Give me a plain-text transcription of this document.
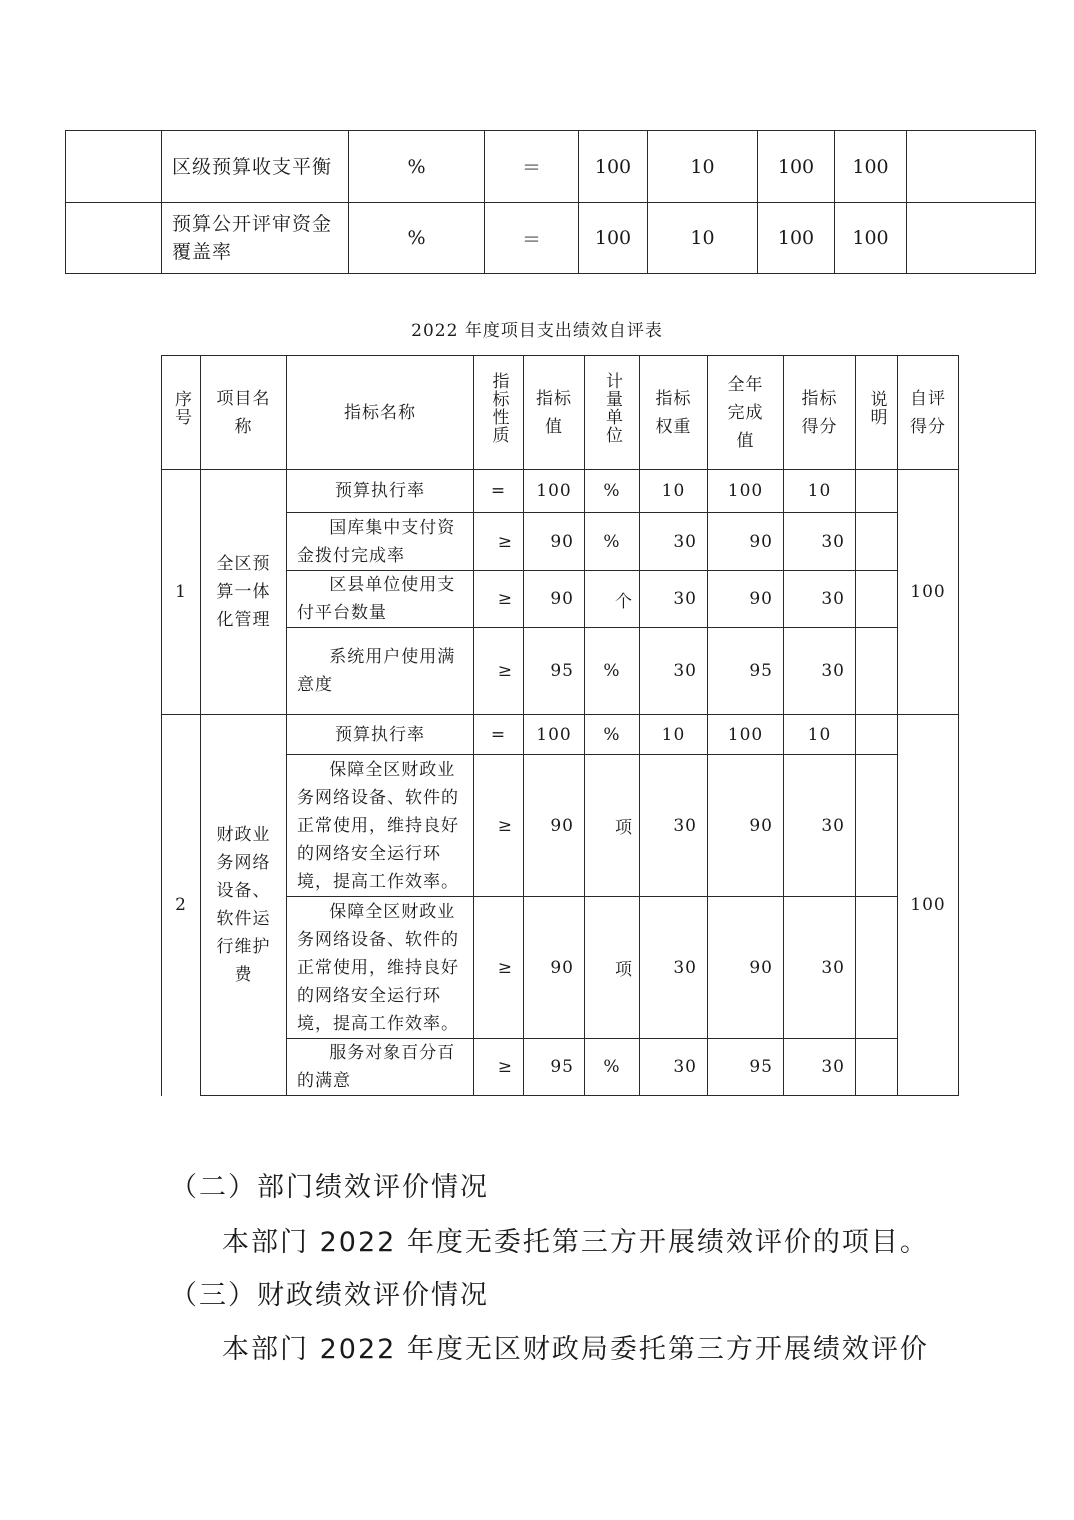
	区级预算收支平衡	%	＝	100	10	100	100	
	预算公开评审资金覆盖率	%	＝	100	10	100	100	
2022 年度项目支出绩效自评表
序号	项目名称	指标名称	指标性质	指标值	计量单位	指标权重	全年完成值	指标得分	说明	自评得分

1	全区预算一体化管理	预算执行率	=	100	%	10	100	10		100
		国库集中支付资金拨付完成率	≥	90	%	30	90	30		
		区县单位使用支付平台数量	≥	90	个	30	90	30		
		系统用户使用满意度	≥	95	%	30	95	30		
2	财政业务网络设备、软件运行维护费	预算执行率	=	100	%	10	100	10		100
		保障全区财政业务网络设备、软件的正常使用，维持良好的网络安全运行环境，提高工作效率。	≥	90	项	30	90	30		
		保障全区财政业务网络设备、软件的正常使用，维持良好的网络安全运行环境，提高工作效率。	≥	90	项	30	90	30		
		服务对象百分百的满意	≥	95	%	30	95	30		
（二）部门绩效评价情况
本部门 2022 年度无委托第三方开展绩效评价的项目。
（三）财政绩效评价情况
本部门 2022 年度无区财政局委托第三方开展绩效评价
